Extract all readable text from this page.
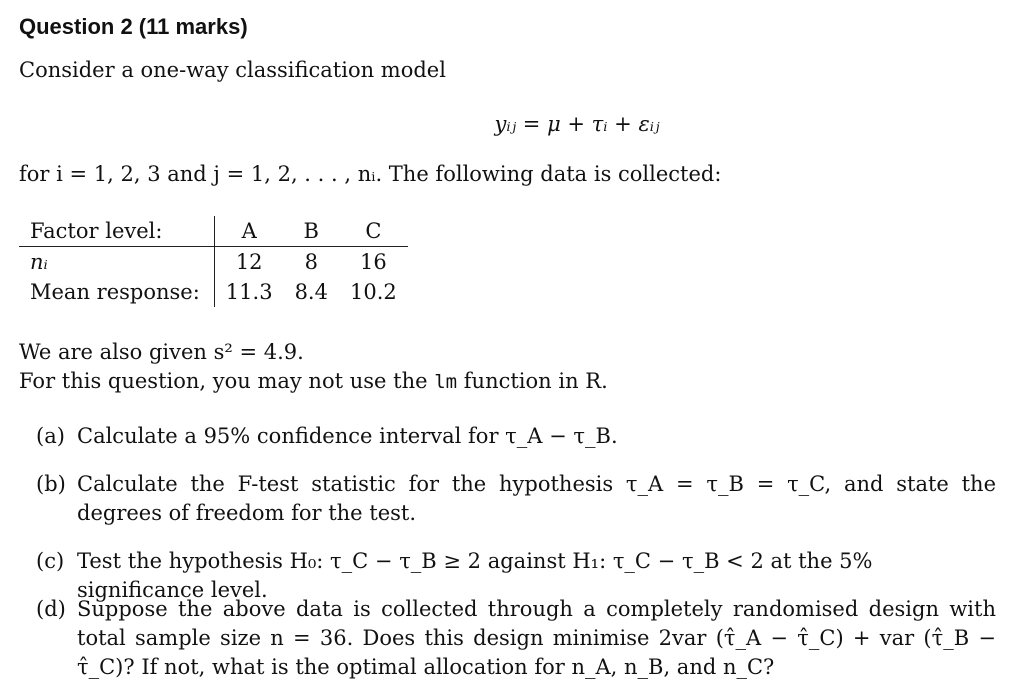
Question 2 (11 marks)
Consider a one-way classification model
yᵢⱼ = μ + τᵢ + εᵢⱼ
for i = 1, 2, 3 and j = 1, 2, . . . , nᵢ. The following data is collected:
Factor level:	A	B	C
nᵢ	12	8	16
Mean response:	11.3	8.4	10.2
We are also given s² = 4.9.
For this question, you may not use the lm function in R.
(a) Calculate a 95% confidence interval for τ_A − τ_B.
(b) Calculate the F-test statistic for the hypothesis τ_A = τ_B = τ_C, and state the degrees of freedom for the test.
(c) Test the hypothesis H₀: τ_C − τ_B ≥ 2 against H₁: τ_C − τ_B < 2 at the 5% significance level.
(d) Suppose the above data is collected through a completely randomised design with total sample size n = 36. Does this design minimise 2var (τ̂_A − τ̂_C) + var (τ̂_B − τ̂_C)? If not, what is the optimal allocation for n_A, n_B, and n_C?
